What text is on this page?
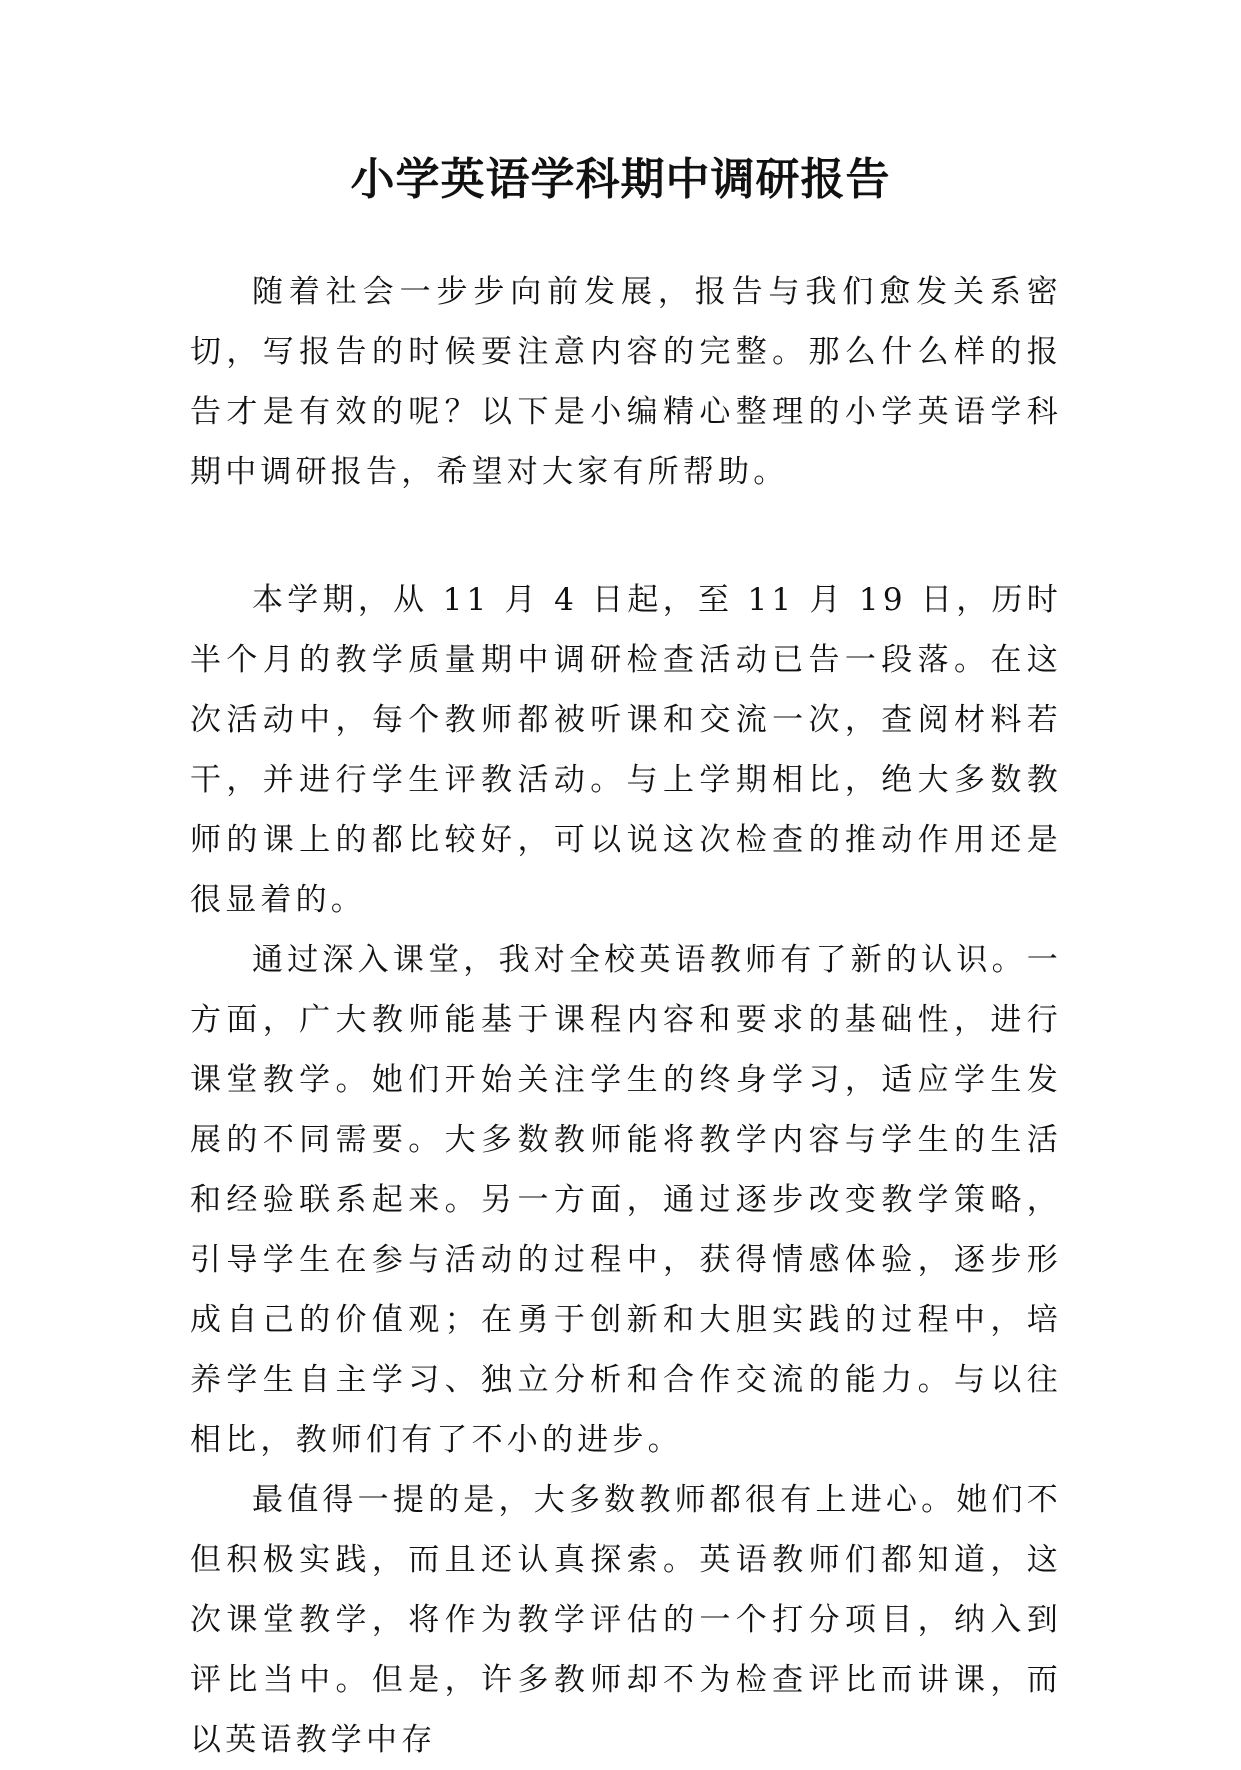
小学英语学科期中调研报告

随着社会一步步向前发展，报告与我们愈发关系密切，写报告的时候要注意内容的完整。那么什么样的报告才是有效的呢？以下是小编精心整理的小学英语学科期中调研报告，希望对大家有所帮助。

本学期，从 11 月 4 日起，至 11 月 19 日，历时半个月的教学质量期中调研检查活动已告一段落。在这次活动中，每个教师都被听课和交流一次，查阅材料若干，并进行学生评教活动。与上学期相比，绝大多数教师的课上的都比较好，可以说这次检查的推动作用还是很显着的。

通过深入课堂，我对全校英语教师有了新的认识。一方面，广大教师能基于课程内容和要求的基础性，进行课堂教学。她们开始关注学生的终身学习，适应学生发展的不同需要。大多数教师能将教学内容与学生的生活和经验联系起来。另一方面，通过逐步改变教学策略，引导学生在参与活动的过程中，获得情感体验，逐步形成自己的价值观；在勇于创新和大胆实践的过程中，培养学生自主学习、独立分析和合作交流的能力。与以往相比，教师们有了不小的进步。

最值得一提的是，大多数教师都很有上进心。她们不但积极实践，而且还认真探索。英语教师们都知道，这次课堂教学，将作为教学评估的一个打分项目，纳入到评比当中。但是，许多教师却不为检查评比而讲课，而以英语教学中存
